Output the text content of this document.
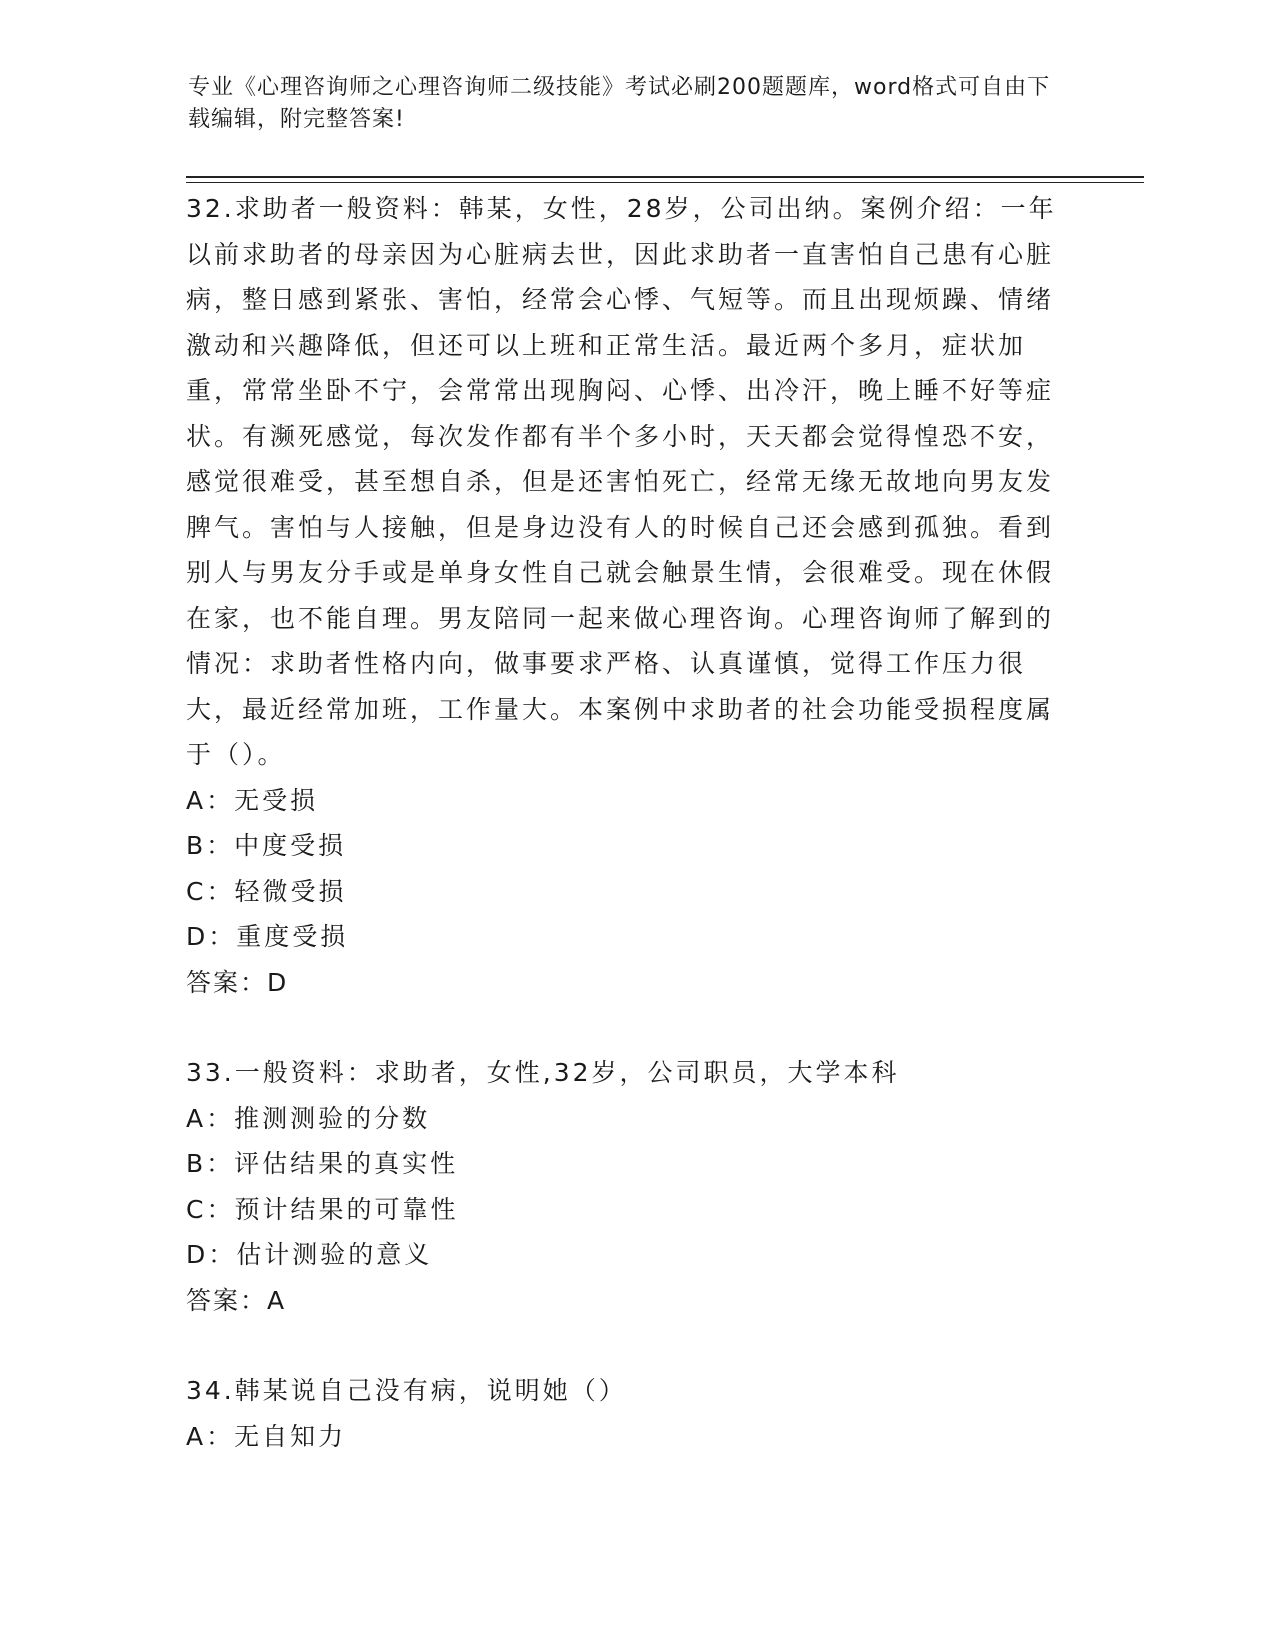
专业《心理咨询师之心理咨询师二级技能》考试必刷200题题库，word格式可自由下载编辑，附完整答案!

32.求助者一般资料：韩某，女性，28岁，公司出纳。案例介绍：一年以前求助者的母亲因为心脏病去世，因此求助者一直害怕自己患有心脏病，整日感到紧张、害怕，经常会心悸、气短等。而且出现烦躁、情绪激动和兴趣降低，但还可以上班和正常生活。最近两个多月，症状加重，常常坐卧不宁，会常常出现胸闷、心悸、出冷汗，晚上睡不好等症状。有濒死感觉，每次发作都有半个多小时，天天都会觉得惶恐不安，感觉很难受，甚至想自杀，但是还害怕死亡，经常无缘无故地向男友发脾气。害怕与人接触，但是身边没有人的时候自己还会感到孤独。看到别人与男友分手或是单身女性自己就会触景生情，会很难受。现在休假在家，也不能自理。男友陪同一起来做心理咨询。心理咨询师了解到的情况：求助者性格内向，做事要求严格、认真谨慎，觉得工作压力很大，最近经常加班，工作量大。本案例中求助者的社会功能受损程度属于（）。

A：无受损

B：中度受损

C：轻微受损

D：重度受损

答案：D

33.一般资料：求助者，女性,32岁，公司职员，大学本科

A：推测测验的分数

B：评估结果的真实性

C：预计结果的可靠性

D：估计测验的意义

答案：A

34.韩某说自己没有病，说明她（）

A：无自知力
